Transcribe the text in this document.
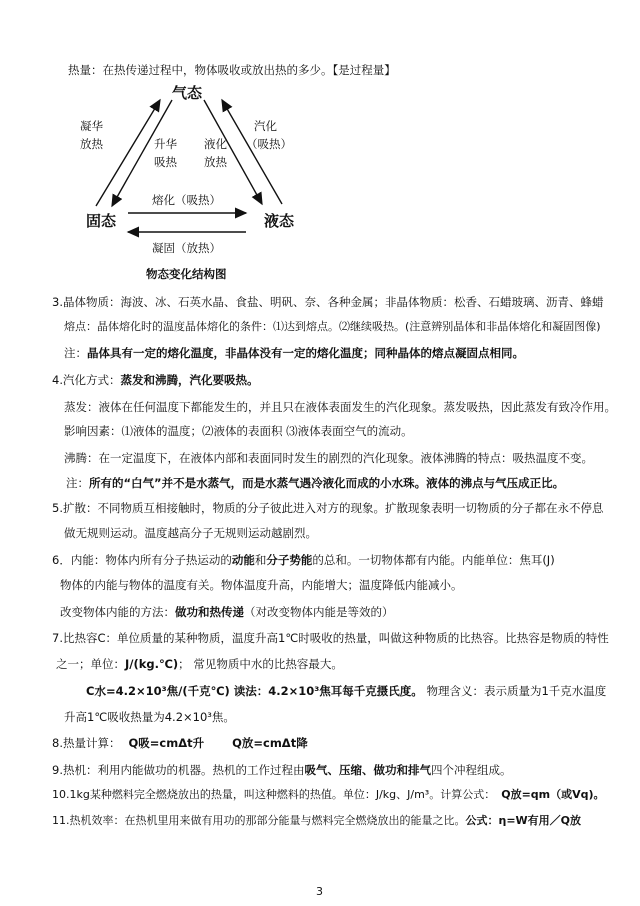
热量：在热传递过程中，物体吸收或放出热的多少。【是过程量】
气态
固态	液态
凝华
放热	升华
吸热
液化
放热
汽化
（吸热）
熔化（吸热）
凝固（放热）
物态变化结构图
3.晶体物质：海波、冰、石英水晶、食盐、明矾、奈、各种金属；非晶体物质：松香、石蜡玻璃、沥青、蜂蜡
熔点：晶体熔化时的温度晶体熔化的条件：⑴达到熔点。⑵继续吸热。(注意辨别晶体和非晶体熔化和凝固图像)
注：晶体具有一定的熔化温度，非晶体没有一定的熔化温度；同种晶体的熔点凝固点相同。
4.汽化方式：蒸发和沸腾，汽化要吸热。
蒸发：液体在任何温度下都能发生的，并且只在液体表面发生的汽化现象。蒸发吸热，因此蒸发有致冷作用。
影响因素：⑴液体的温度；⑵液体的表面积 ⑶液体表面空气的流动。
沸腾：在一定温度下，在液体内部和表面同时发生的剧烈的汽化现象。液体沸腾的特点：吸热温度不变。
注：所有的“白气”并不是水蒸气，而是水蒸气遇冷液化而成的小水珠。液体的沸点与气压成正比。
5.扩散：不同物质互相接触时，物质的分子彼此进入对方的现象。扩散现象表明一切物质的分子都在永不停息
做无规则运动。温度越高分子无规则运动越剧烈。
6．内能：物体内所有分子热运动的动能和分子势能的总和。一切物体都有内能。内能单位：焦耳(J)
物体的内能与物体的温度有关。物体温度升高，内能增大；温度降低内能减小。
改变物体内能的方法：做功和热传递（对改变物体内能是等效的）
7.比热容C：单位质量的某种物质，温度升高1℃时吸收的热量，叫做这种物质的比热容。比热容是物质的特性
之一；单位：J/(kg.℃)； 常见物质中水的比热容最大。
C水=4.2×10³焦/(千克℃) 读法：4.2×10³焦耳每千克摄氏度。 物理含义：表示质量为1千克水温度
升高1℃吸收热量为4.2×10³焦。
8.热量计算： Q吸=cmΔt升 Q放=cmΔt降
9.热机：利用内能做功的机器。热机的工作过程由吸气、压缩、做功和排气四个冲程组成。
10.1kg某种燃料完全燃烧放出的热量，叫这种燃料的热值。单位：J/kg、J/m³。计算公式： Q放=qm（或Vq)。
11.热机效率：在热机里用来做有用功的那部分能量与燃料完全燃烧放出的能量之比。公式：η=W有用／Q放
3
